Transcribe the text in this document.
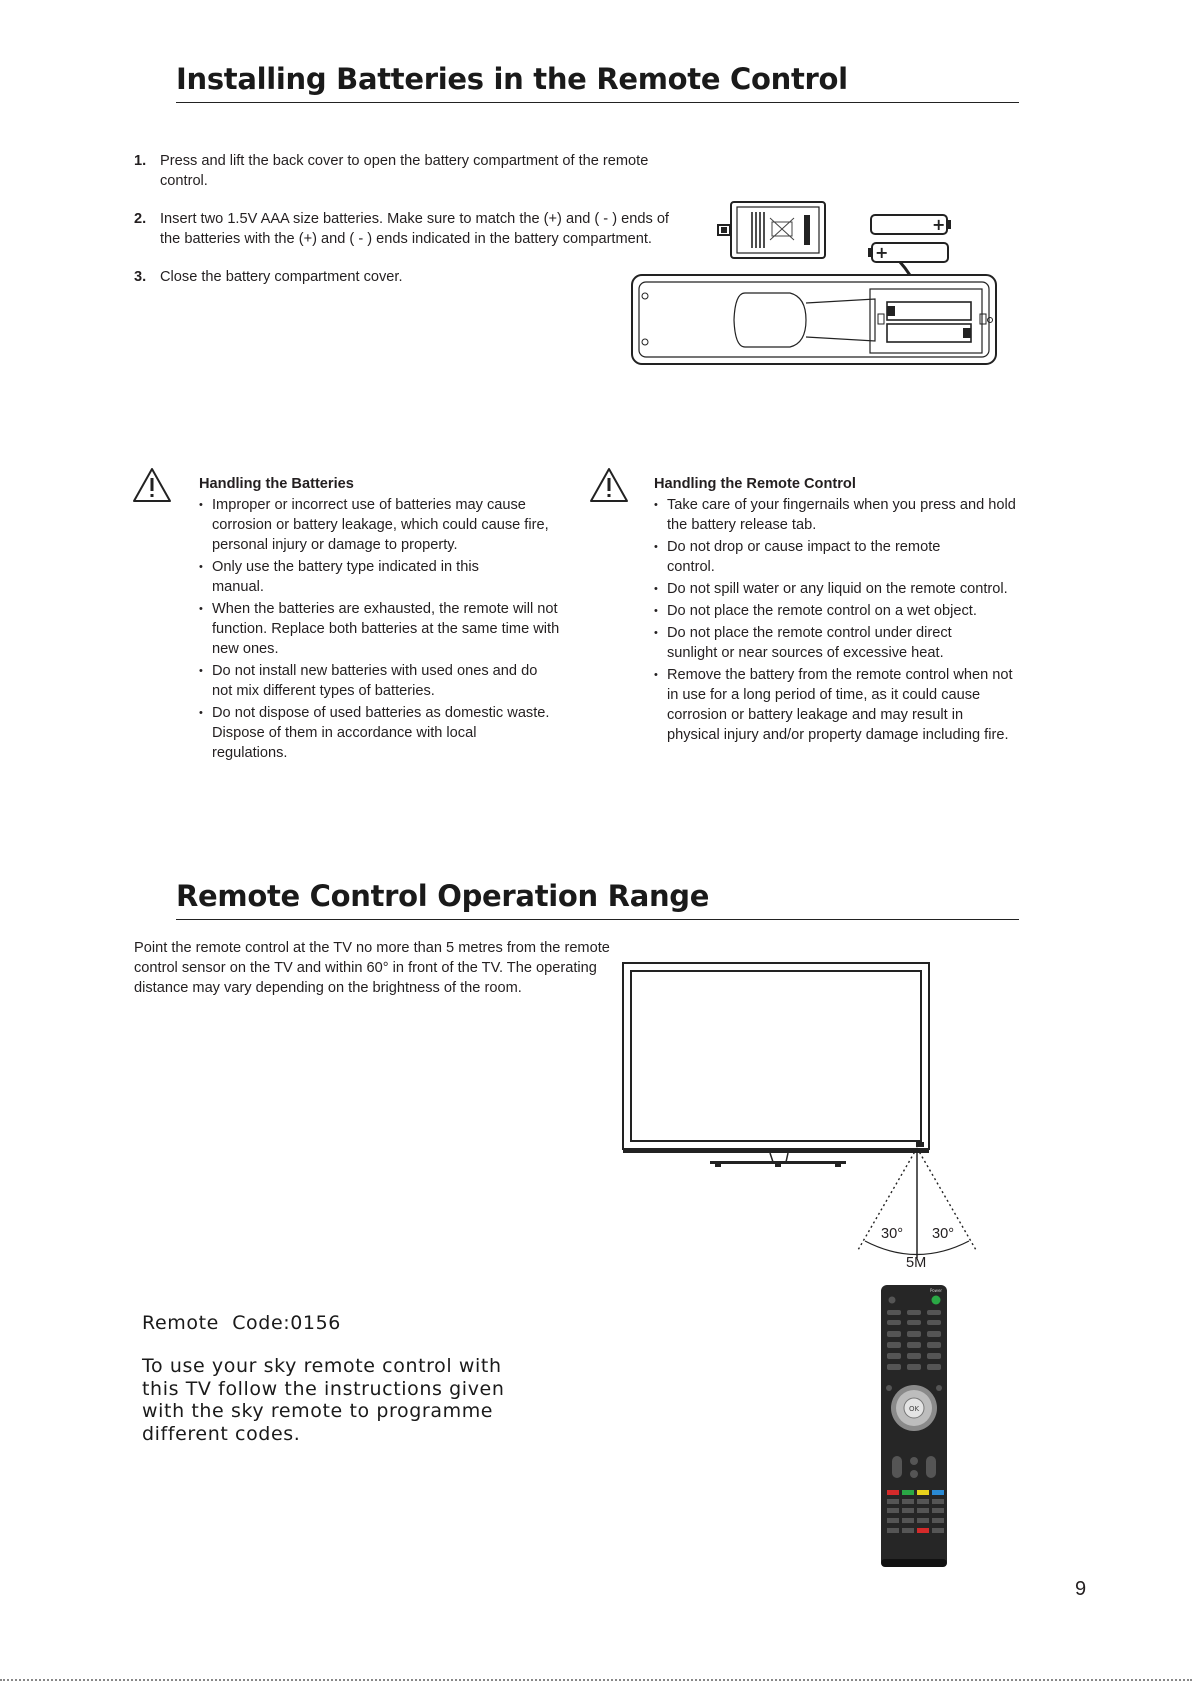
Installing Batteries in the Remote Control
1. Press and lift the back cover to open the battery compartment of the remote control.
2. Insert two 1.5V AAA size batteries. Make sure to match the (+) and ( - ) ends of the batteries with the (+) and ( - ) ends indicated in the battery compartment.
3. Close the battery compartment cover.
+
+
Handling the Batteries
• Improper or incorrect use of batteries may cause corrosion or battery leakage, which could cause fire, personal injury or damage to property.
• Only use the battery type indicated in this manual.
• When the batteries are exhausted, the remote will not function. Replace both batteries at the same time with new ones.
• Do not install new batteries with used ones and do not mix different types of batteries.
• Do not dispose of used batteries as domestic waste. Dispose of them in accordance with local regulations.
Handling the Remote Control
• Take care of your fingernails when you press and hold the battery release tab.
• Do not drop or cause impact to the remote control.
• Do not spill water or any liquid on the remote control.
• Do not place the remote control on a wet object.
• Do not place the remote control under direct sunlight or near sources of excessive heat.
• Remove the battery from the remote control when not in use for a long period of time, as it could cause corrosion or battery leakage and may result in physical injury and/or property damage including fire.
Remote Control Operation Range

Point the remote control at the TV no more than 5 metres from the remote control sensor on the TV and within 60° in front of the TV. The operating distance may vary depending on the brightness of the room.

30° 30°
5M

Remote  Code:0156

To use your sky remote control with this TV follow the instructions given with the sky remote to programme different codes.

Power
OK
9
